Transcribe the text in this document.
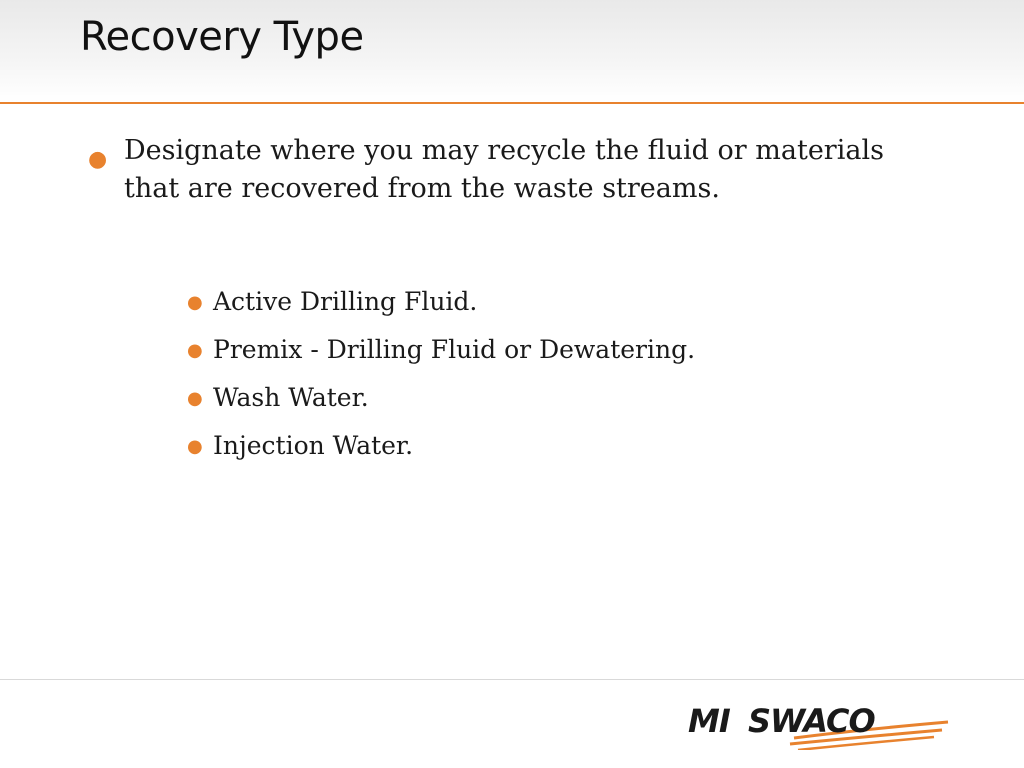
Recovery Type
● Designate where you may recycle the fluid or materials that are recovered from the waste streams.
● Active Drilling Fluid.
● Premix - Drilling Fluid or Dewatering.
● Wash Water.
● Injection Water.
MI SWACO
